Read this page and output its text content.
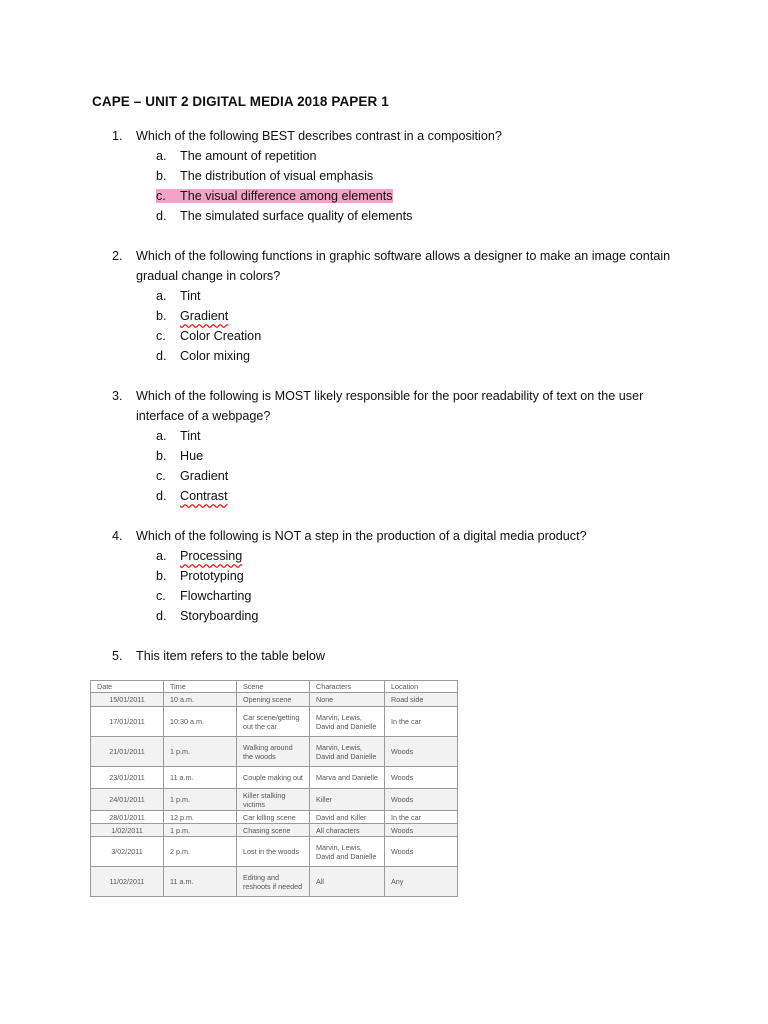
CAPE – UNIT 2 DIGITAL MEDIA 2018 PAPER 1
1. Which of the following BEST describes contrast in a composition?
a. The amount of repetition
b. The distribution of visual emphasis
c. The visual difference among elements
d. The simulated surface quality of elements
2. Which of the following functions in graphic software allows a designer to make an image contain gradual change in colors?
a. Tint
b. Gradient
c. Color Creation
d. Color mixing
3. Which of the following is MOST likely responsible for the poor readability of text on the user interface of a webpage?
a. Tint
b. Hue
c. Gradient
d. Contrast
4. Which of the following is NOT a step in the production of a digital media product?
a. Processing
b. Prototyping
c. Flowcharting
d. Storyboarding
5. This item refers to the table below
Date	Time	Scene	Characters	Location
15/01/2011	10 a.m.	Opening scene	None	Road side
17/01/2011	10:30 a.m.	Car scene/getting out the car	Marvin, Lewis, David and Danielle	In the car
21/01/2011	1 p.m.	Walking around the woods	Marvin, Lewis, David and Danielle	Woods
23/01/2011	11 a.m.	Couple making out	Marva and Danielle	Woods
24/01/2011	1 p.m.	Killer stalking victims	Killer	Woods
28/01/2011	12 p.m.	Car killing scene	David and Killer	In the car
1/02/2011	1 p.m.	Chasing scene	All characters	Woods
3/02/2011	2 p.m.	Lost in the woods	Marvin, Lewis, David and Danielle	Woods
11/02/2011	11 a.m.	Editing and reshoots if needed	All	Any
